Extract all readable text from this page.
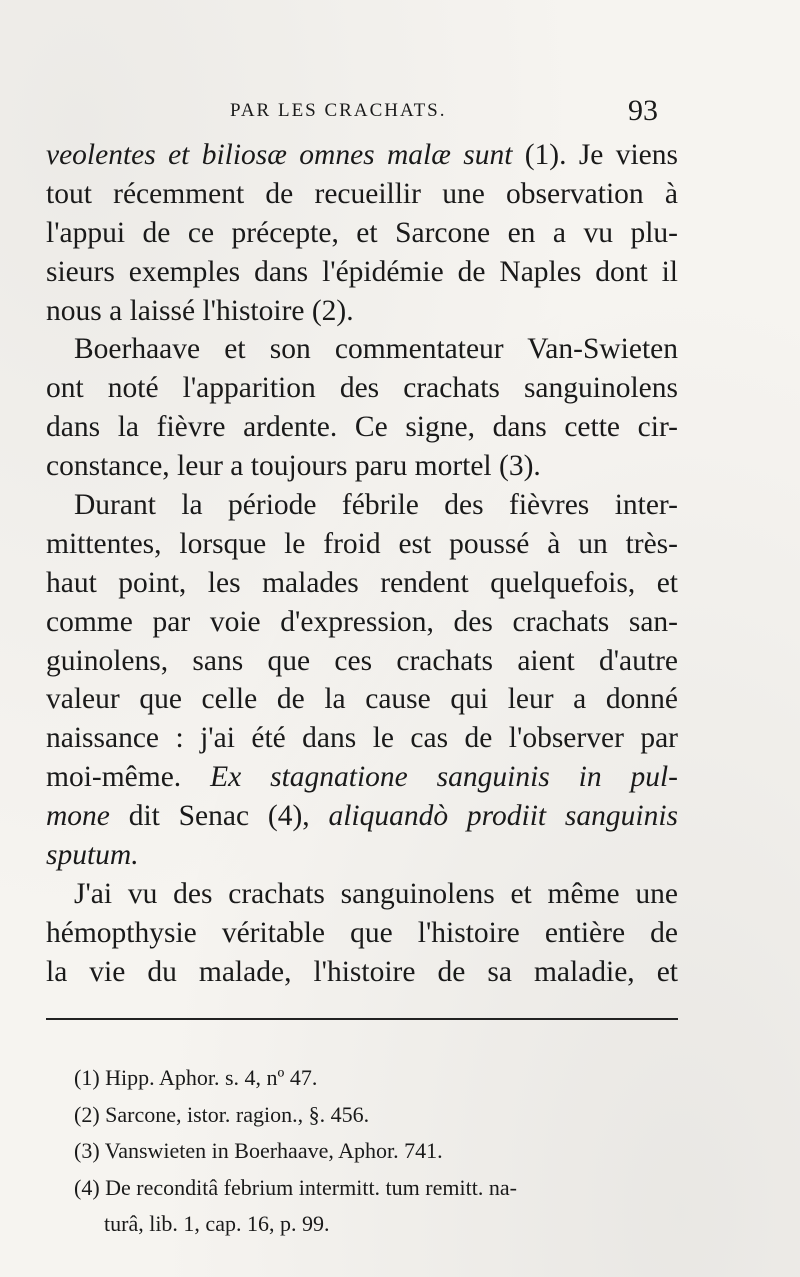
PAR LES CRACHATS.	93
veolentes et biliosæ omnes malæ sunt (1). Je viens
tout récemment de recueillir une observation à
l'appui de ce précepte, et Sarcone en a vu plu-
sieurs exemples dans l'épidémie de Naples dont il
nous a laissé l'histoire (2).
Boerhaave et son commentateur Van-Swieten
ont noté l'apparition des crachats sanguinolens
dans la fièvre ardente. Ce signe, dans cette cir-
constance, leur a toujours paru mortel (3).
Durant la période fébrile des fièvres inter-
mittentes, lorsque le froid est poussé à un très-
haut point, les malades rendent quelquefois, et
comme par voie d'expression, des crachats san-
guinolens, sans que ces crachats aient d'autre
valeur que celle de la cause qui leur a donné
naissance : j'ai été dans le cas de l'observer par
moi-même. Ex stagnatione sanguinis in pul-
mone dit Senac (4), aliquandò prodiit sanguinis
sputum.
J'ai vu des crachats sanguinolens et même une
hémopthysie véritable que l'histoire entière de
la vie du malade, l'histoire de sa maladie, et
(1) Hipp. Aphor. s. 4, nº 47.
(2) Sarcone, istor. ragion., §. 456.
(3) Vanswieten in Boerhaave, Aphor. 741.
(4) De reconditâ febrium intermitt. tum remitt. na-
turâ, lib. 1, cap. 16, p. 99.
